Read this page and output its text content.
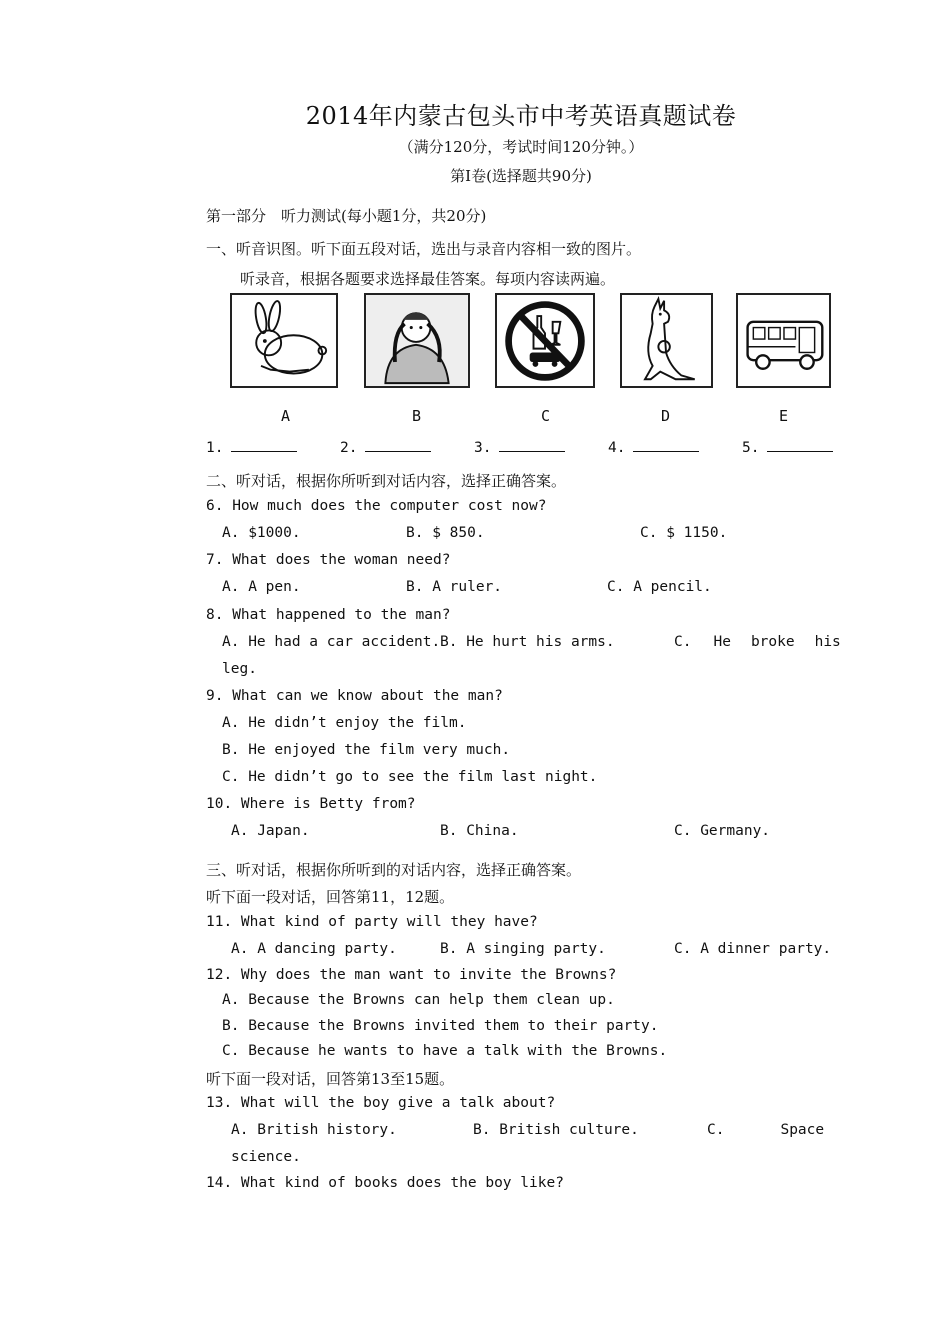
2014年内蒙古包头市中考英语真题试卷
（满分120分，考试时间120分钟。）
第Ⅰ卷(选择题共90分)
第一部分　听力测试(每小题1分，共20分)
一、听音识图。听下面五段对话，选出与录音内容相一致的图片。
听录音，根据各题要求选择最佳答案。每项内容读两遍。
A	B	C	D	E
1.	2.	3.	4.	5.
二、听对话，根据你所听到对话内容，选择正确答案。
6. How much does the computer cost now?
A. $1000.	B. $ 850.	C. $ 1150.
7. What does the woman need?
A. A pen.	B. A ruler.	C. A pencil.
8. What happened to the man?
A. He had a car accident. B. He hurt his arms.	C. He broke his
leg.
9. What can we know about the man?
A. He didn’t enjoy the film.
B. He enjoyed the film very much.
C. He didn’t go to see the film last night.
10. Where is Betty from?
A. Japan.	B. China.	C. Germany.
三、听对话，根据你所听到的对话内容，选择正确答案。
听下面一段对话，回答第11，12题。
11. What kind of party will they have?
A. A dancing party.	B. A singing party.	C. A dinner party.
12. Why does the man want to invite the Browns?
A. Because the Browns can help them clean up.
B. Because the Browns invited them to their party.
C. Because he wants to have a talk with the Browns.
听下面一段对话，回答第13至15题。
13. What will the boy give a talk about?
A. British history.	B. British culture.	C.	Space
science.
14. What kind of books does the boy like?
